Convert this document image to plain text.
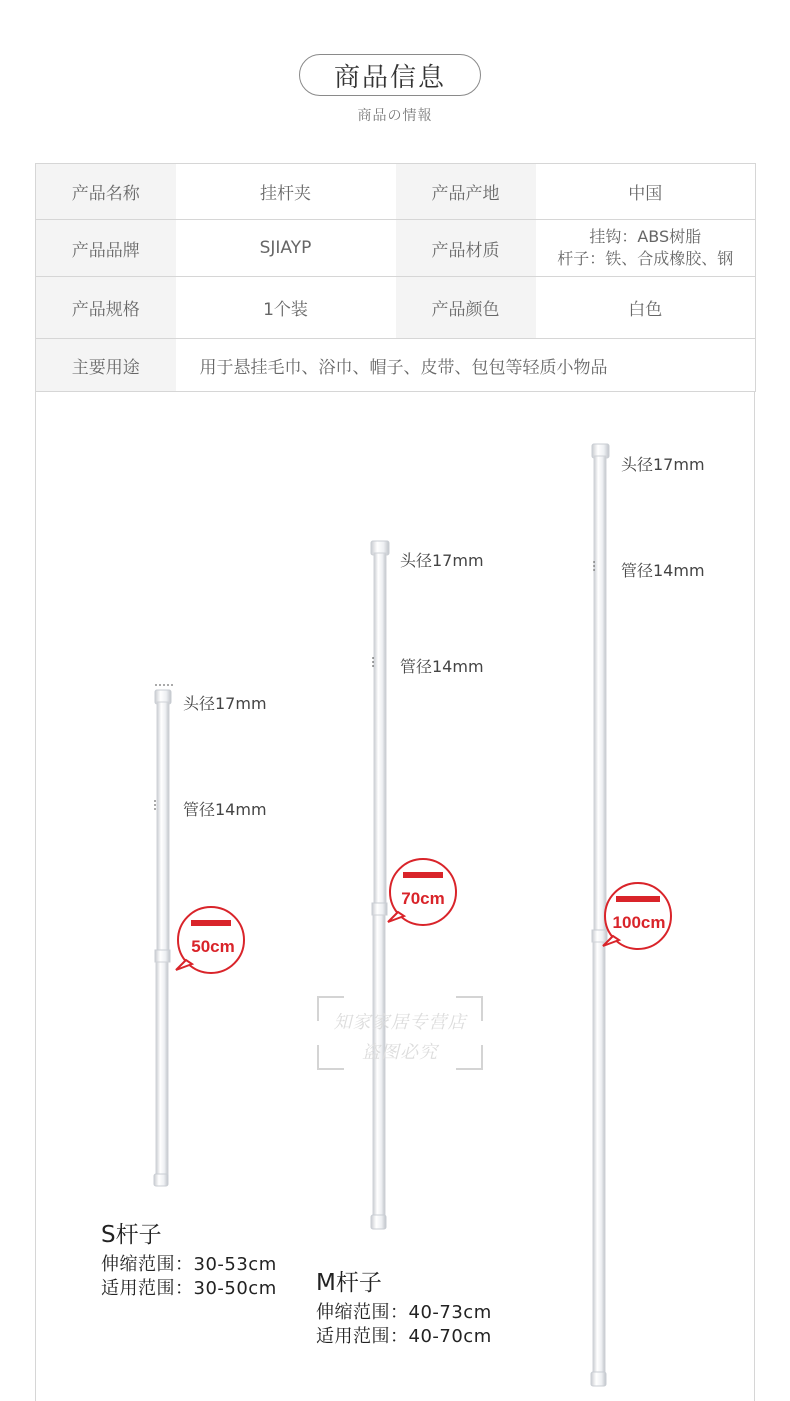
商品信息
商品の情報
产品名称	挂杆夹	产品产地	中国
产品品牌	SJIAYP	产品材质	挂钩：ABS树脂
杆子：铁、合成橡胶、钢

产品规格	1个装	产品颜色	白色
主要用途	用于悬挂毛巾、浴巾、帽子、皮带、包包等轻质小物品		
50cm
70cm
100cm
头径17mm
管径14mm
头径17mm
管径14mm
头径17mm
管径14mm
知家家居专营店
盗图必究
S杆子
伸缩范围：30-53cm
适用范围：30-50cm M杆子
伸缩范围：40-73cm
适用范围：40-70cm
